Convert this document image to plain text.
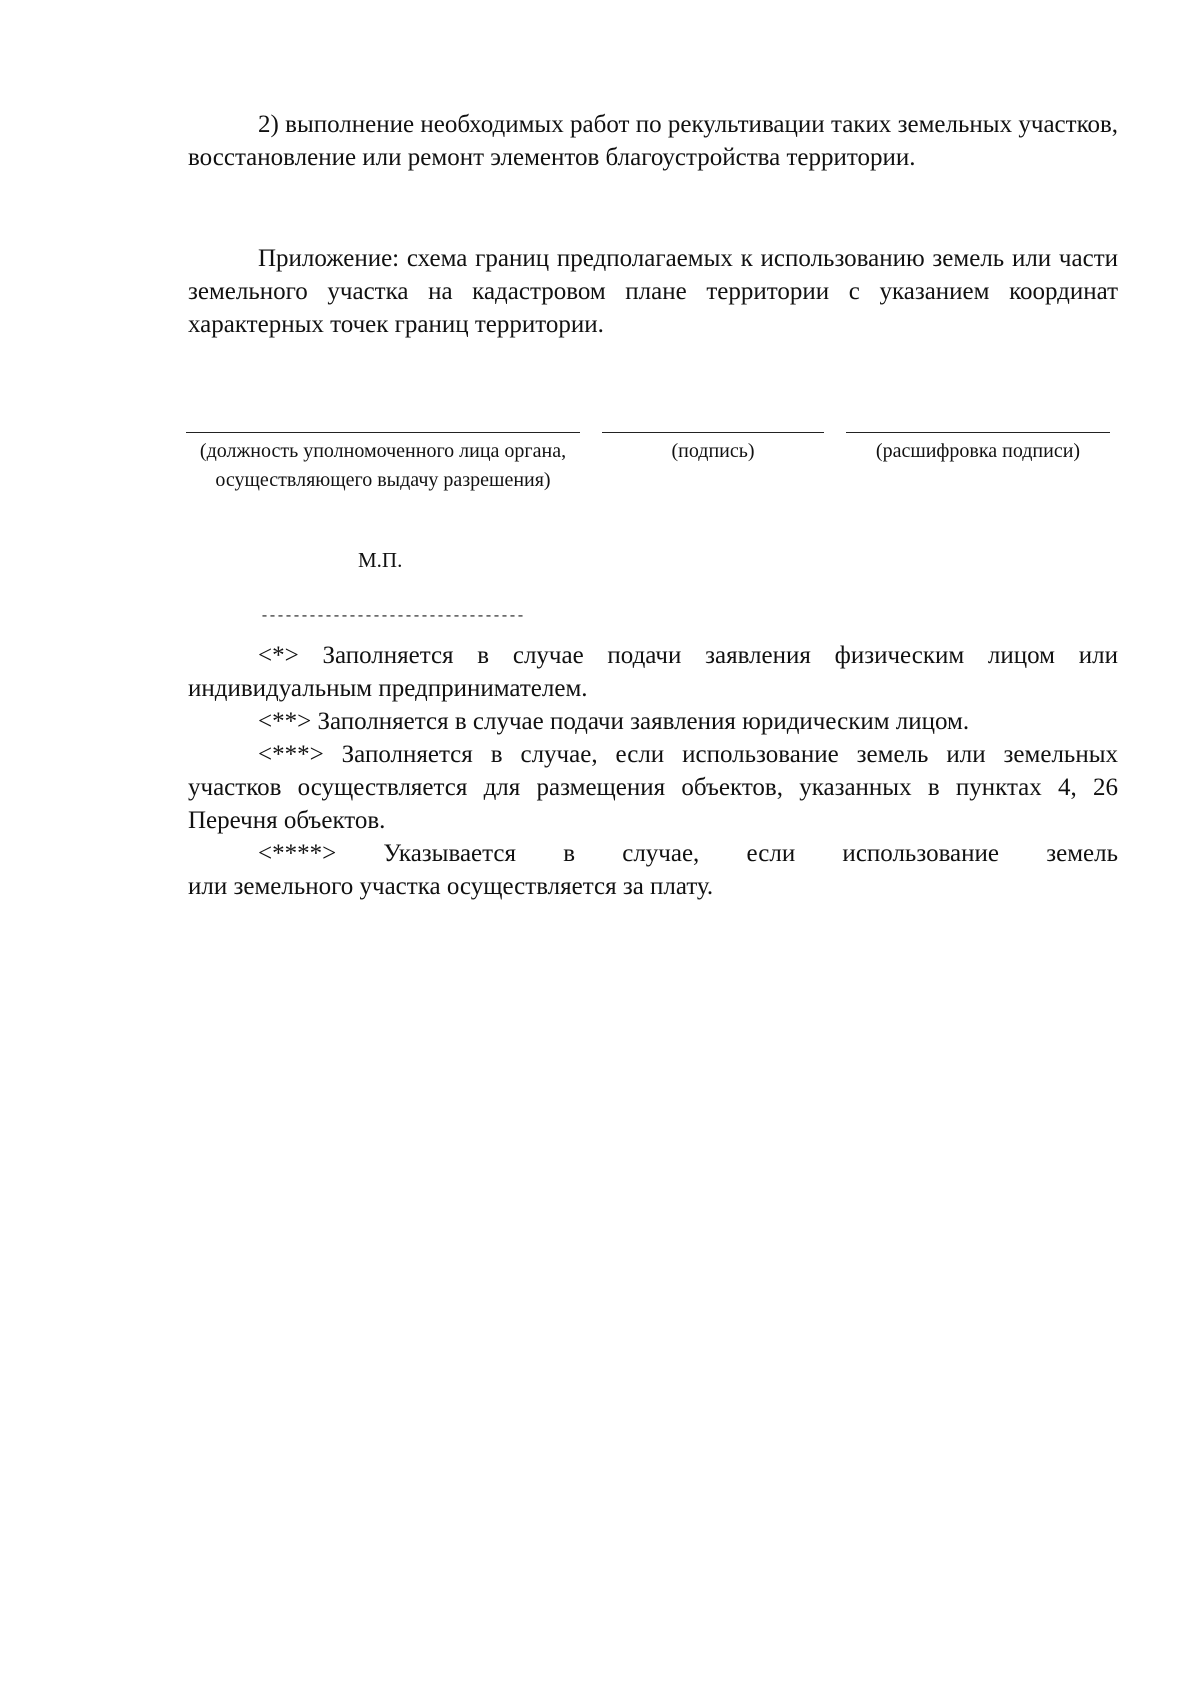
2) выполнение необходимых работ по рекультивации таких земельных участков, восстановление или ремонт элементов благоустройства территории.

Приложение: схема границ предполагаемых к использованию земель или части земельного участка на кадастровом плане территории с указанием координат характерных точек границ территории.

(должность уполномоченного лица органа, осуществляющего выдачу разрешения)
(подпись)	(расшифровка подписи)
М.П.
---------------------------------

<*> Заполняется в случае подачи заявления физическим лицом или индивидуальным предпринимателем.

<**> Заполняется в случае подачи заявления юридическим лицом.

<***> Заполняется в случае, если использование земель или земельных участков осуществляется для размещения объектов, указанных в пунктах 4, 26 Перечня объектов.

<****> Указывается в случае, если использование земель
или земельного участка осуществляется за плату.
